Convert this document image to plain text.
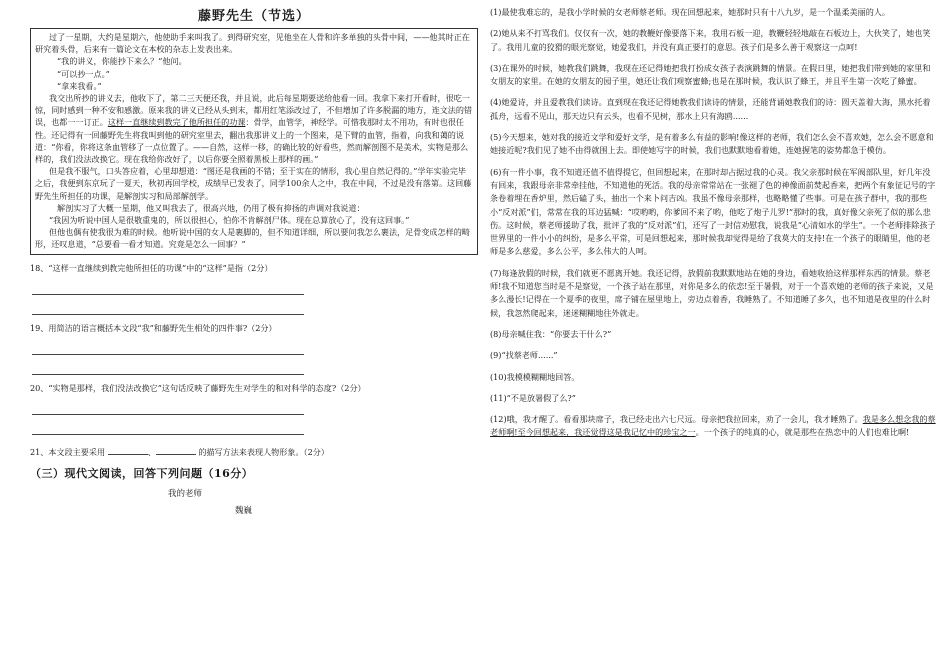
藤野先生（节选）

过了一星期，大约是星期六，他使助手来叫我了。到得研究室，见他坐在人骨和许多单独的头骨中间，——他其时正在研究着头骨，后来有一篇论文在本校的杂志上发表出来。

“我的讲义，你能抄下来么？”他问。

“可以抄一点。”

“拿来我看。”

我交出所抄的讲义去，他收下了，第二三天便还我，并且说，此后每星期要送给他看一回。我拿下来打开看时，很吃一惊，同时感到一种不安和感激。原来我的讲义已经从头到末，都用红笔添改过了，不但增加了许多脱漏的地方，连文法的错误，也都一一订正。这样一直继续到教完了他所担任的功课：骨学，血管学，神经学。可惜我那时太不用功，有时也很任性。还记得有一回藤野先生将我叫到他的研究室里去，翻出我那讲义上的一个图来，是下臂的血管，指着，向我和蔼的说道：“你看，你将这条血管移了一点位置了。——自然，这样一移，的确比较的好看些，然而解剖图不是美术，实物是那么样的，我们没法改换它。现在我给你改好了，以后你要全照着黑板上那样的画。”

但是我不服气，口头答应着，心里却想道：“图还是我画的不错；至于实在的情形，我心里自然记得的。”学年实验完毕之后，我便到东京玩了一夏天，秋初再回学校，成绩早已发表了，同学100余人之中，我在中间，不过是没有落第。这回藤野先生所担任的功课，是解剖实习和局部解剖学。

解剖实习了大概一星期，他又叫我去了，很高兴地，仍用了极有抑扬的声调对我说道：

“我因为听说中国人是很敬重鬼的，所以很担心，怕你不肯解剖尸体。现在总算放心了，没有这回事。”

但他也偶有使我很为难的时候。他听说中国的女人是裹脚的，但不知道详细，所以要问我怎么裹法，足骨变成怎样的畸形，还叹息道，“总要看一看才知道。究竟是怎么一回事？”

18、“这样一直继续到教完他所担任的功课”中的“这样”是指（2分）
19、用简洁的语言概括本文段“我”和藤野先生相处的四件事?（2分）
20、“实物是那样，我们没法改换它”这句话反映了藤野先生对学生的和对科学的态度?（2分）
21、本文段主要采用	、	的描写方法来表现人物形象。（2分）
（三）现代文阅读，回答下列问题（16分）
我的老师
魏巍

(1)最使我难忘的，是我小学时候的女老师蔡老师。现在回想起来，她那时只有十八九岁，是一个温柔美丽的人。

(2)她从来不打骂我们。仅仅有一次，她的教鞭好像要落下来，我用石板一迎，教鞭轻轻地敲在石板边上，大伙笑了，她也笑了。我用儿童的狡猾的眼光察觉，她爱我们，并没有真正要打的意思。孩子们是多么善于观察这一点呵!

(3)在课外的时候，她教我们跳舞，我现在还记得她把我打扮成女孩子表演跳舞的情景。在假日里，她把我们带到她的家里和女朋友的家里。在她的女朋友的园子里，她还让我们观察蜜蜂;也是在那时候，我认识了蜂王，并且平生第一次吃了蜂蜜。

(4)她爱诗，并且爱教我们读诗。直到现在我还记得她教我们读诗的情景，还能背诵她教我们的诗：圆天盖着大海，黑水托着孤舟，远看不见山，那天边只有云头，也看不见树，那水上只有海鸥......

(5)今天想来，她对我的接近文学和爱好文学，是有着多么有益的影响!像这样的老师，我们怎么会不喜欢她，怎么会不愿意和她接近呢?我们见了她不由得就围上去。即使她写字的时候，我们也默默地看着她，连她握笔的姿势都急于模仿。

(6)有一件小事，我不知道还值不值得提它，但回想起来，在那时却占据过我的心灵。我父亲那时候在军阀部队里，好几年没有回来，我跟母亲非常牵挂他，不知道他的死活。我的母亲常常站在一张褪了色的神像面前焚起香来，把两个有象征记号的字条卷着埋在香炉里，然后磕了头，抽出一个来卜问吉凶。我虽不像母亲那样，也略略懂了些事。可是在孩子群中，我的那些小“反对派”们，常常在我的耳边猛喊：“哎哟哟，你爹回不来了哟，他吃了炮子儿罗!”那时的我，真好像父亲死了似的那么悲伤。这时候，蔡老师援助了我，批评了我的“反对派”们，还写了一封信劝慰我，说我是“心清如水的学生”。一个老师排除孩子世界里的一件小小的纠纷，是多么平常，可是回想起来，那时候我却觉得是给了我莫大的支持!在一个孩子的眼睛里，他的老师是多么慈爱，多么公平，多么伟大的人呵。

(7)每逢放假的时候，我们就更不愿离开她。我还记得，放假前我默默地站在她的身边，看她收拾这样那样东西的情景。蔡老师!我不知道您当时是不是察觉，一个孩子站在那里，对你是多么的依恋!至于暑假，对于一个喜欢她的老师的孩子来说，又是多么漫长!记得在一个夏季的夜里，席子铺在屋里地上，旁边点着香，我睡熟了。不知道睡了多久，也不知道是夜里的什么时候，我忽然爬起来，迷迷糊糊地往外就走。

(8)母亲喊住我：“你要去干什么?”

(9)“找蔡老师......”

(10)我模模糊糊地回答。

(11)“不是放暑假了么?”

(12)哦，我才醒了。看看那块席子，我已经走出六七尺远。母亲把我拉回来，劝了一会儿，我才睡熟了。我是多么想念我的蔡老师啊!至今回想起来，我还觉得这是我记忆中的珍宝之一。一个孩子的纯真的心，就是那些在热恋中的人们也难比啊!
